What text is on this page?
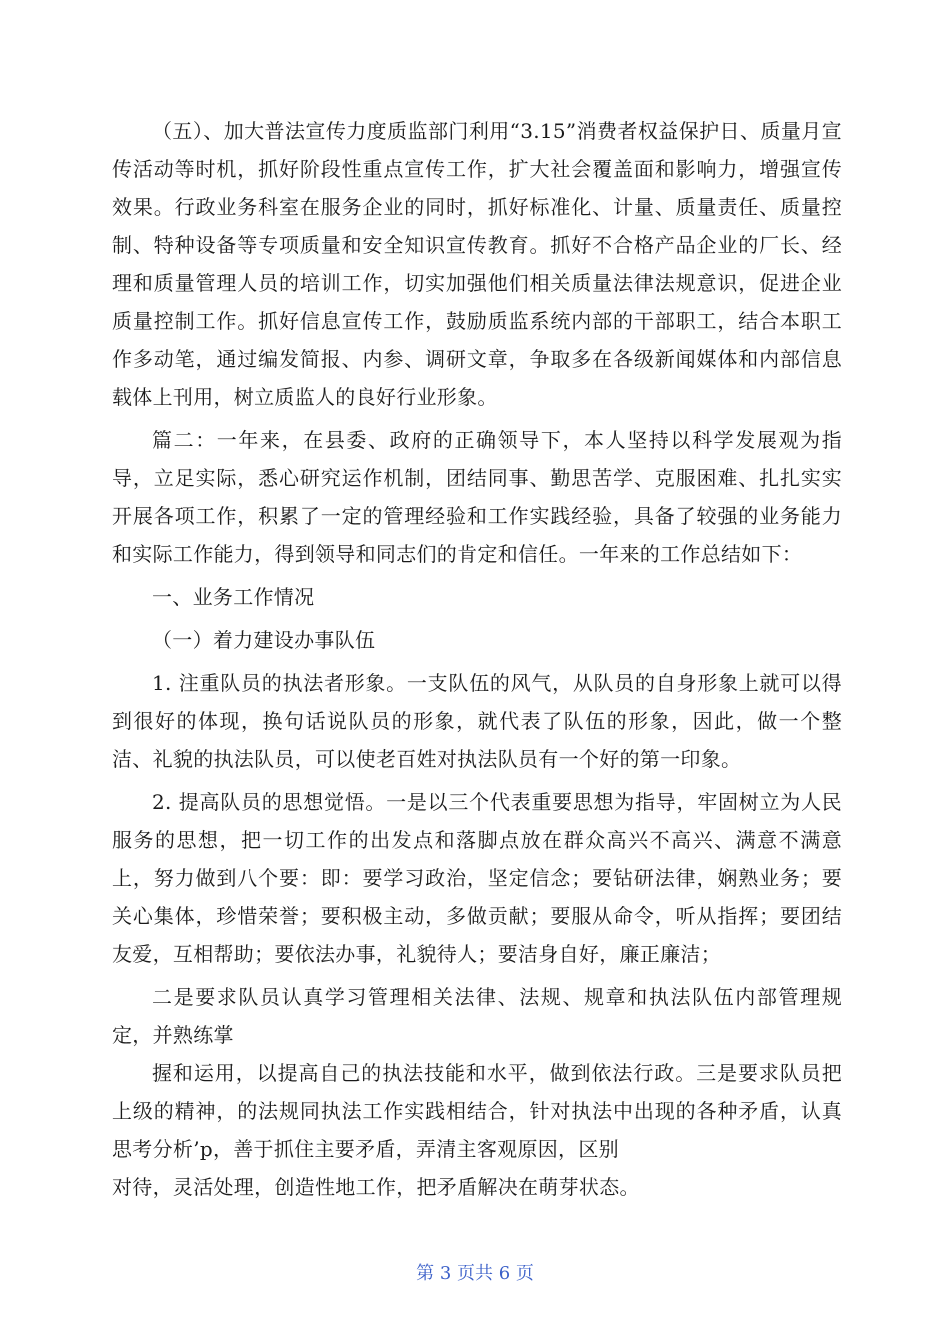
（五）、加大普法宣传力度质监部门利用“3.15”消费者权益保护日、质量月宣传活动等时机，抓好阶段性重点宣传工作，扩大社会覆盖面和影响力，增强宣传效果。行政业务科室在服务企业的同时，抓好标准化、计量、质量责任、质量控制、特种设备等专项质量和安全知识宣传教育。抓好不合格产品企业的厂长、经理和质量管理人员的培训工作，切实加强他们相关质量法律法规意识，促进企业质量控制工作。抓好信息宣传工作，鼓励质监系统内部的干部职工，结合本职工作多动笔，通过编发简报、内参、调研文章，争取多在各级新闻媒体和内部信息载体上刊用，树立质监人的良好行业形象。

篇二：一年来，在县委、政府的正确领导下，本人坚持以科学发展观为指导，立足实际，悉心研究运作机制，团结同事、勤思苦学、克服困难、扎扎实实开展各项工作，积累了一定的管理经验和工作实践经验，具备了较强的业务能力和实际工作能力，得到领导和同志们的肯定和信任。一年来的工作总结如下：

一、业务工作情况

（一）着力建设办事队伍

1. 注重队员的执法者形象。一支队伍的风气，从队员的自身形象上就可以得到很好的体现，换句话说队员的形象，就代表了队伍的形象，因此，做一个整洁、礼貌的执法队员，可以使老百姓对执法队员有一个好的第一印象。

2. 提高队员的思想觉悟。一是以三个代表重要思想为指导，牢固树立为人民服务的思想，把一切工作的出发点和落脚点放在群众高兴不高兴、满意不满意上，努力做到八个要：即：要学习政治，坚定信念；要钻研法律，娴熟业务；要关心集体，珍惜荣誉；要积极主动，多做贡献；要服从命令，听从指挥；要团结友爱，互相帮助；要依法办事，礼貌待人；要洁身自好，廉正廉洁；

二是要求队员认真学习管理相关法律、法规、规章和执法队伍内部管理规定，并熟练掌

握和运用，以提高自己的执法技能和水平，做到依法行政。三是要求队员把上级的精神，的法规同执法工作实践相结合，针对执法中出现的各种矛盾，认真思考分析’p，善于抓住主要矛盾，弄清主客观原因，区别

对待，灵活处理，创造性地工作，把矛盾解决在萌芽状态。

第 3 页共 6 页
